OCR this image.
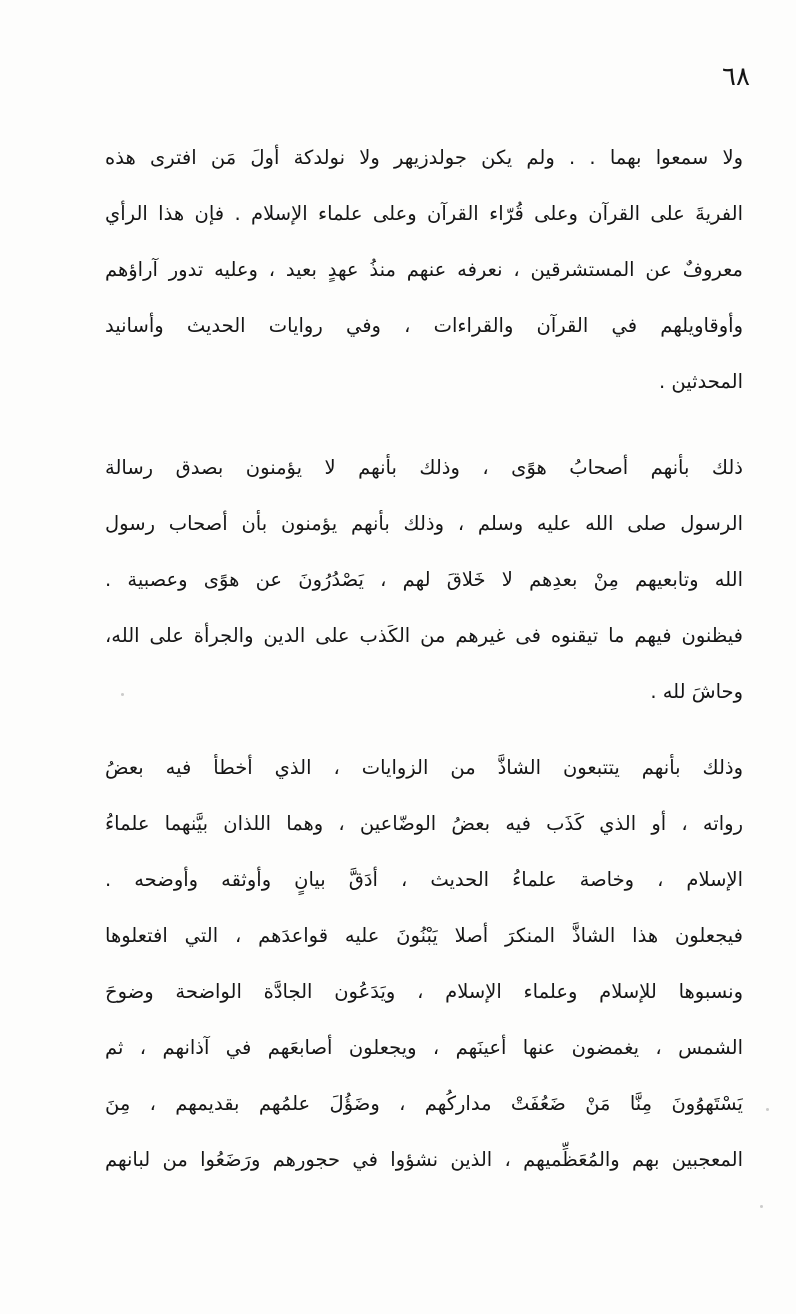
٦٨
ولا سمعوا بهما . . ولم يكن جولدزيهر ولا نولدكة أولَ مَن افترى هذه
الفريةَ على القرآن وعلى قُرّاء القرآن وعلى علماء الإسلام . فإن هذا الرأي
معروفٌ عن المستشرقين ، نعرفه عنهم منذُ عهدٍ بعيد ، وعليه تدور آراؤهم
وأوقاويلهم في القرآن والقراءات ، وفي روايات الحديث وأسانيد
المحدثين .
ذلك بأنهم أصحابُ هوًى ، وذلك بأنهم لا يؤمنون بصدق رسالة
الرسول صلى الله عليه وسلم ، وذلك بأنهم يؤمنون بأن أصحاب رسول
الله وتابعيهم مِنْ بعدِهم لا خَلاقَ لهم ، يَصْدُرُونَ عن هوًى وعصبية .
فيظنون فيهم ما تيقنوه فى غيرهم من الكَذب على الدين والجرأة على الله،
وحاشَ لله .
وذلك بأنهم يتتبعون الشاذَّ من الزوايات ، الذي أخطأ فيه بعضُ
رواته ، أو الذي كَذَب فيه بعضُ الوضّاعين ، وهما اللذان بيَّنهما علماءُ
الإسلام ، وخاصة علماءُ الحديث ، أدَقَّ بيانٍ وأوثقه وأوضحه .
فيجعلون هذا الشاذَّ المنكرَ أصلا يَبْنُونَ عليه قواعدَهم ، التي افتعلوها
ونسبوها للإسلام وعلماء الإسلام ، ويَدَعُون الجادَّة الواضحة وضوحَ
الشمس ، يغمضون عنها أعينَهم ، ويجعلون أصابعَهم في آذانهم ، ثم
يَسْتَهوُونَ مِنَّا مَنْ ضَعُفَتْ مداركُهم ، وضَؤُلَ علمُهم بقديمهم ، مِنَ
المعجبين بهم والمُعَظِّميهم ، الذين نشؤوا في حجورهم ورَضَعُوا من لبانهم
